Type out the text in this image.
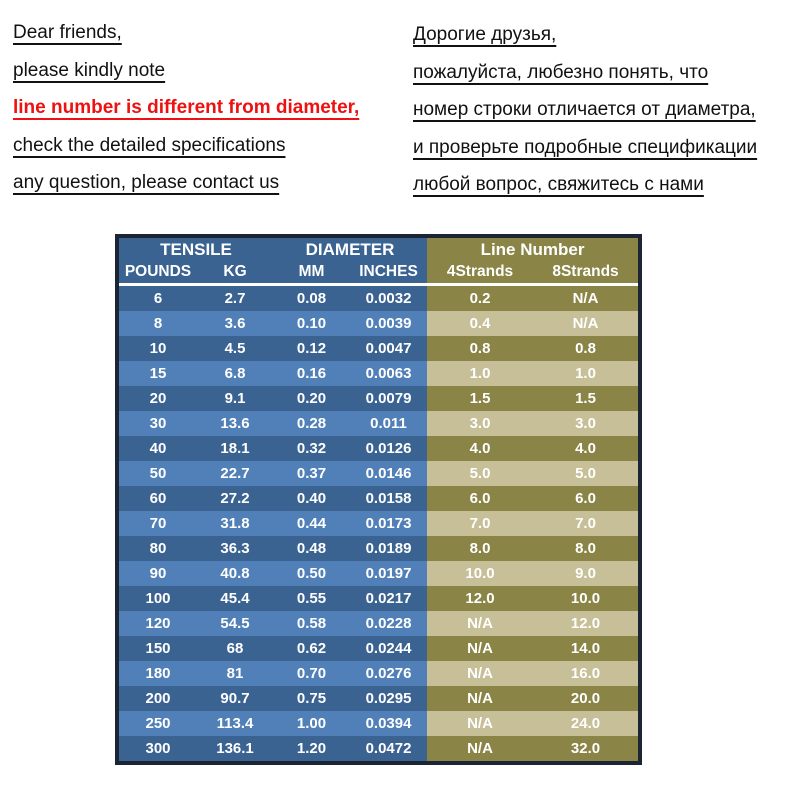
Dear friends,
please kindly note
line number is different from diameter,
check the detailed specifications
any question, please contact us
Дорогие друзья,
пожалуйста, любезно понять, что
номер строки отличается от диаметра,
и проверьте подробные спецификации
любой вопрос, свяжитесь с нами
TENSILE		DIAMETER		Line Number	
POUNDS	KG	MM	INCHES	4Strands	8Strands
6	2.7	0.08	0.0032	0.2	N/A
8	3.6	0.10	0.0039	0.4	N/A
10	4.5	0.12	0.0047	0.8	0.8
15	6.8	0.16	0.0063	1.0	1.0
20	9.1	0.20	0.0079	1.5	1.5
30	13.6	0.28	0.011	3.0	3.0
40	18.1	0.32	0.0126	4.0	4.0
50	22.7	0.37	0.0146	5.0	5.0
60	27.2	0.40	0.0158	6.0	6.0
70	31.8	0.44	0.0173	7.0	7.0
80	36.3	0.48	0.0189	8.0	8.0
90	40.8	0.50	0.0197	10.0	9.0
100	45.4	0.55	0.0217	12.0	10.0
120	54.5	0.58	0.0228	N/A	12.0
150	68	0.62	0.0244	N/A	14.0
180	81	0.70	0.0276	N/A	16.0
200	90.7	0.75	0.0295	N/A	20.0
250	113.4	1.00	0.0394	N/A	24.0
300	136.1	1.20	0.0472	N/A	32.0
